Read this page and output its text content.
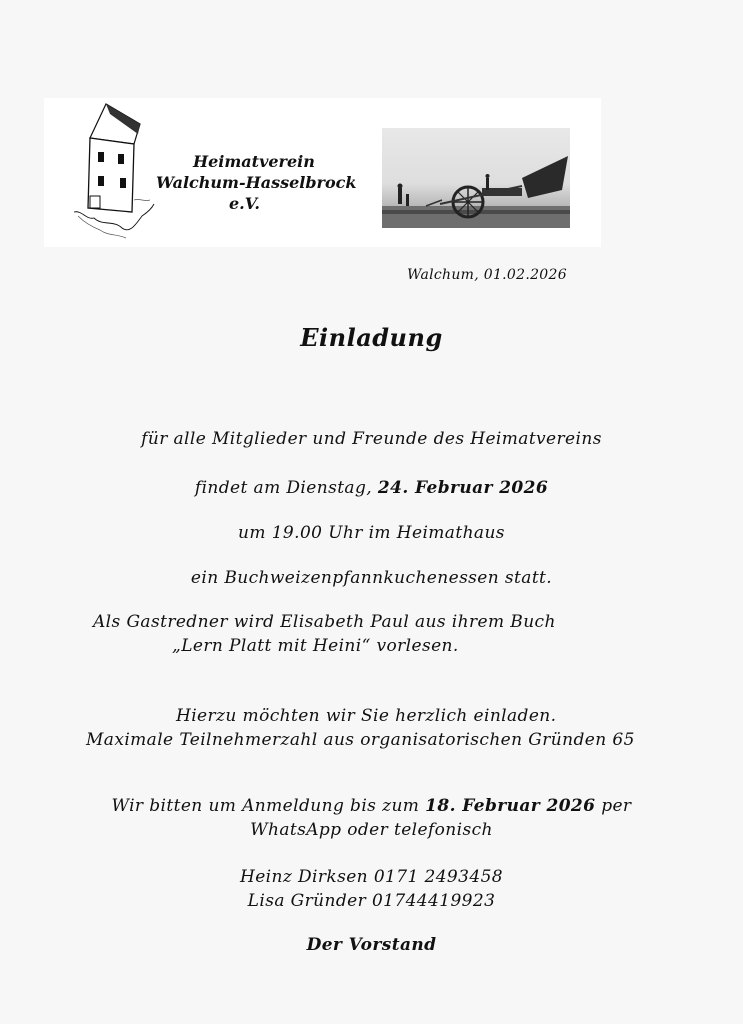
Heimatverein
Walchum-Hasselbrock
e.V.
Walchum, 01.02.2026
Einladung
für alle Mitglieder und Freunde des Heimatvereins
findet am Dienstag, 24. Februar 2026
um 19.00 Uhr im Heimathaus
ein Buchweizenpfannkuchenessen statt.
Als Gastredner wird Elisabeth Paul aus ihrem Buch
„Lern Platt mit Heini“ vorlesen.
Hierzu möchten wir Sie herzlich einladen.
Maximale Teilnehmerzahl aus organisatorischen Gründen 65
Wir bitten um Anmeldung bis zum 18. Februar 2026 per
WhatsApp oder telefonisch
Heinz Dirksen 0171 2493458
Lisa Gründer 01744419923
Der Vorstand
